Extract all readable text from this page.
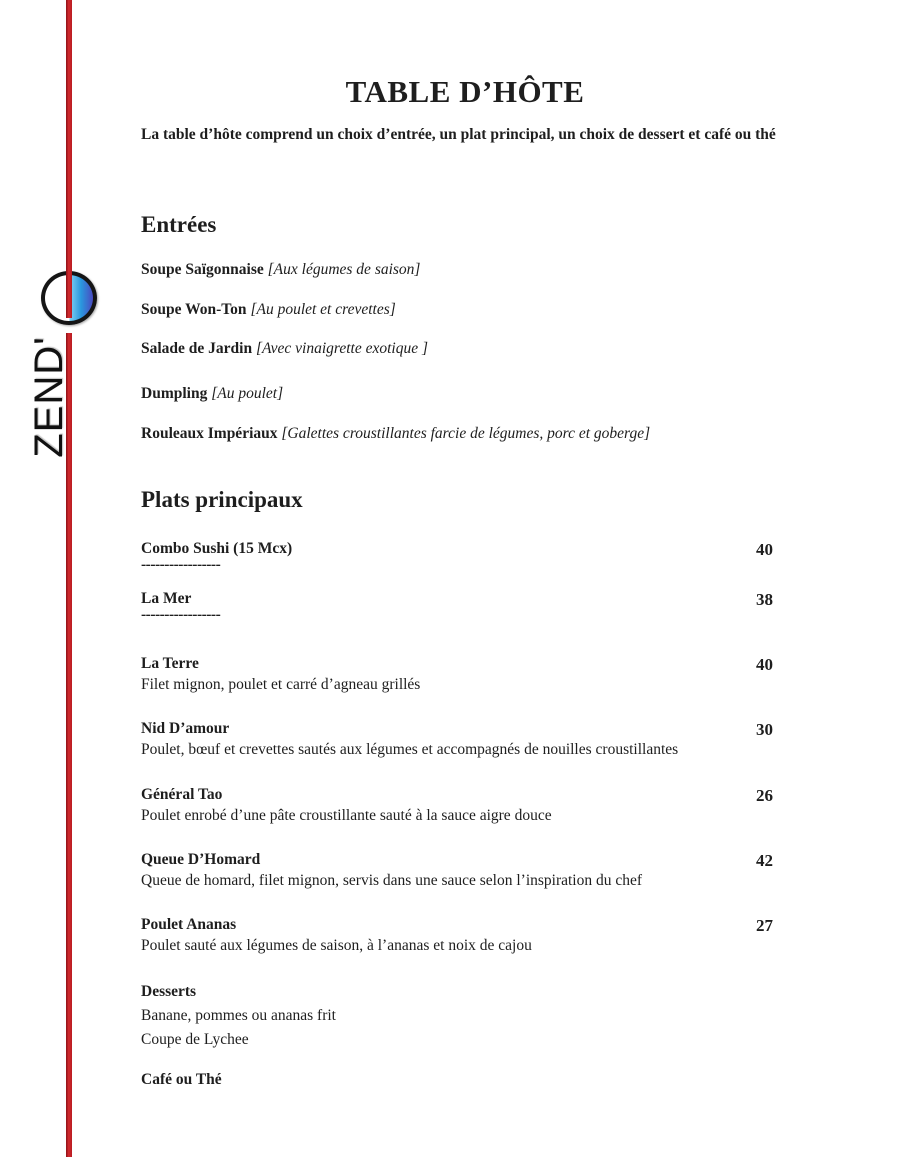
ZEND'
TABLE D’HÔTE
La table d’hôte comprend un choix d’entrée, un plat principal, un choix de dessert et café ou thé
Entrées
Soupe Saïgonnaise [Aux légumes de saison]
Soupe Won-Ton [Au poulet et crevettes]
Salade de Jardin [Avec vinaigrette exotique ]
Dumpling [Au poulet]
Rouleaux Impériaux [Galettes croustillantes farcie de légumes, porc et goberge]
Plats principaux
Combo Sushi (15 Mcx)	40
-----------------
La Mer	38
-----------------
La Terre	40
Filet mignon, poulet et carré d’agneau grillés
Nid D’amour	30
Poulet, bœuf et crevettes sautés aux légumes et accompagnés de nouilles croustillantes
Général Tao	26
Poulet enrobé d’une pâte croustillante sauté à la sauce aigre douce
Queue D’Homard	42
Queue de homard, filet mignon, servis dans une sauce selon l’inspiration du chef
Poulet Ananas	27
Poulet sauté aux légumes de saison, à l’ananas et noix de cajou
Desserts
Banane, pommes ou ananas frit
Coupe de Lychee
Café ou Thé
